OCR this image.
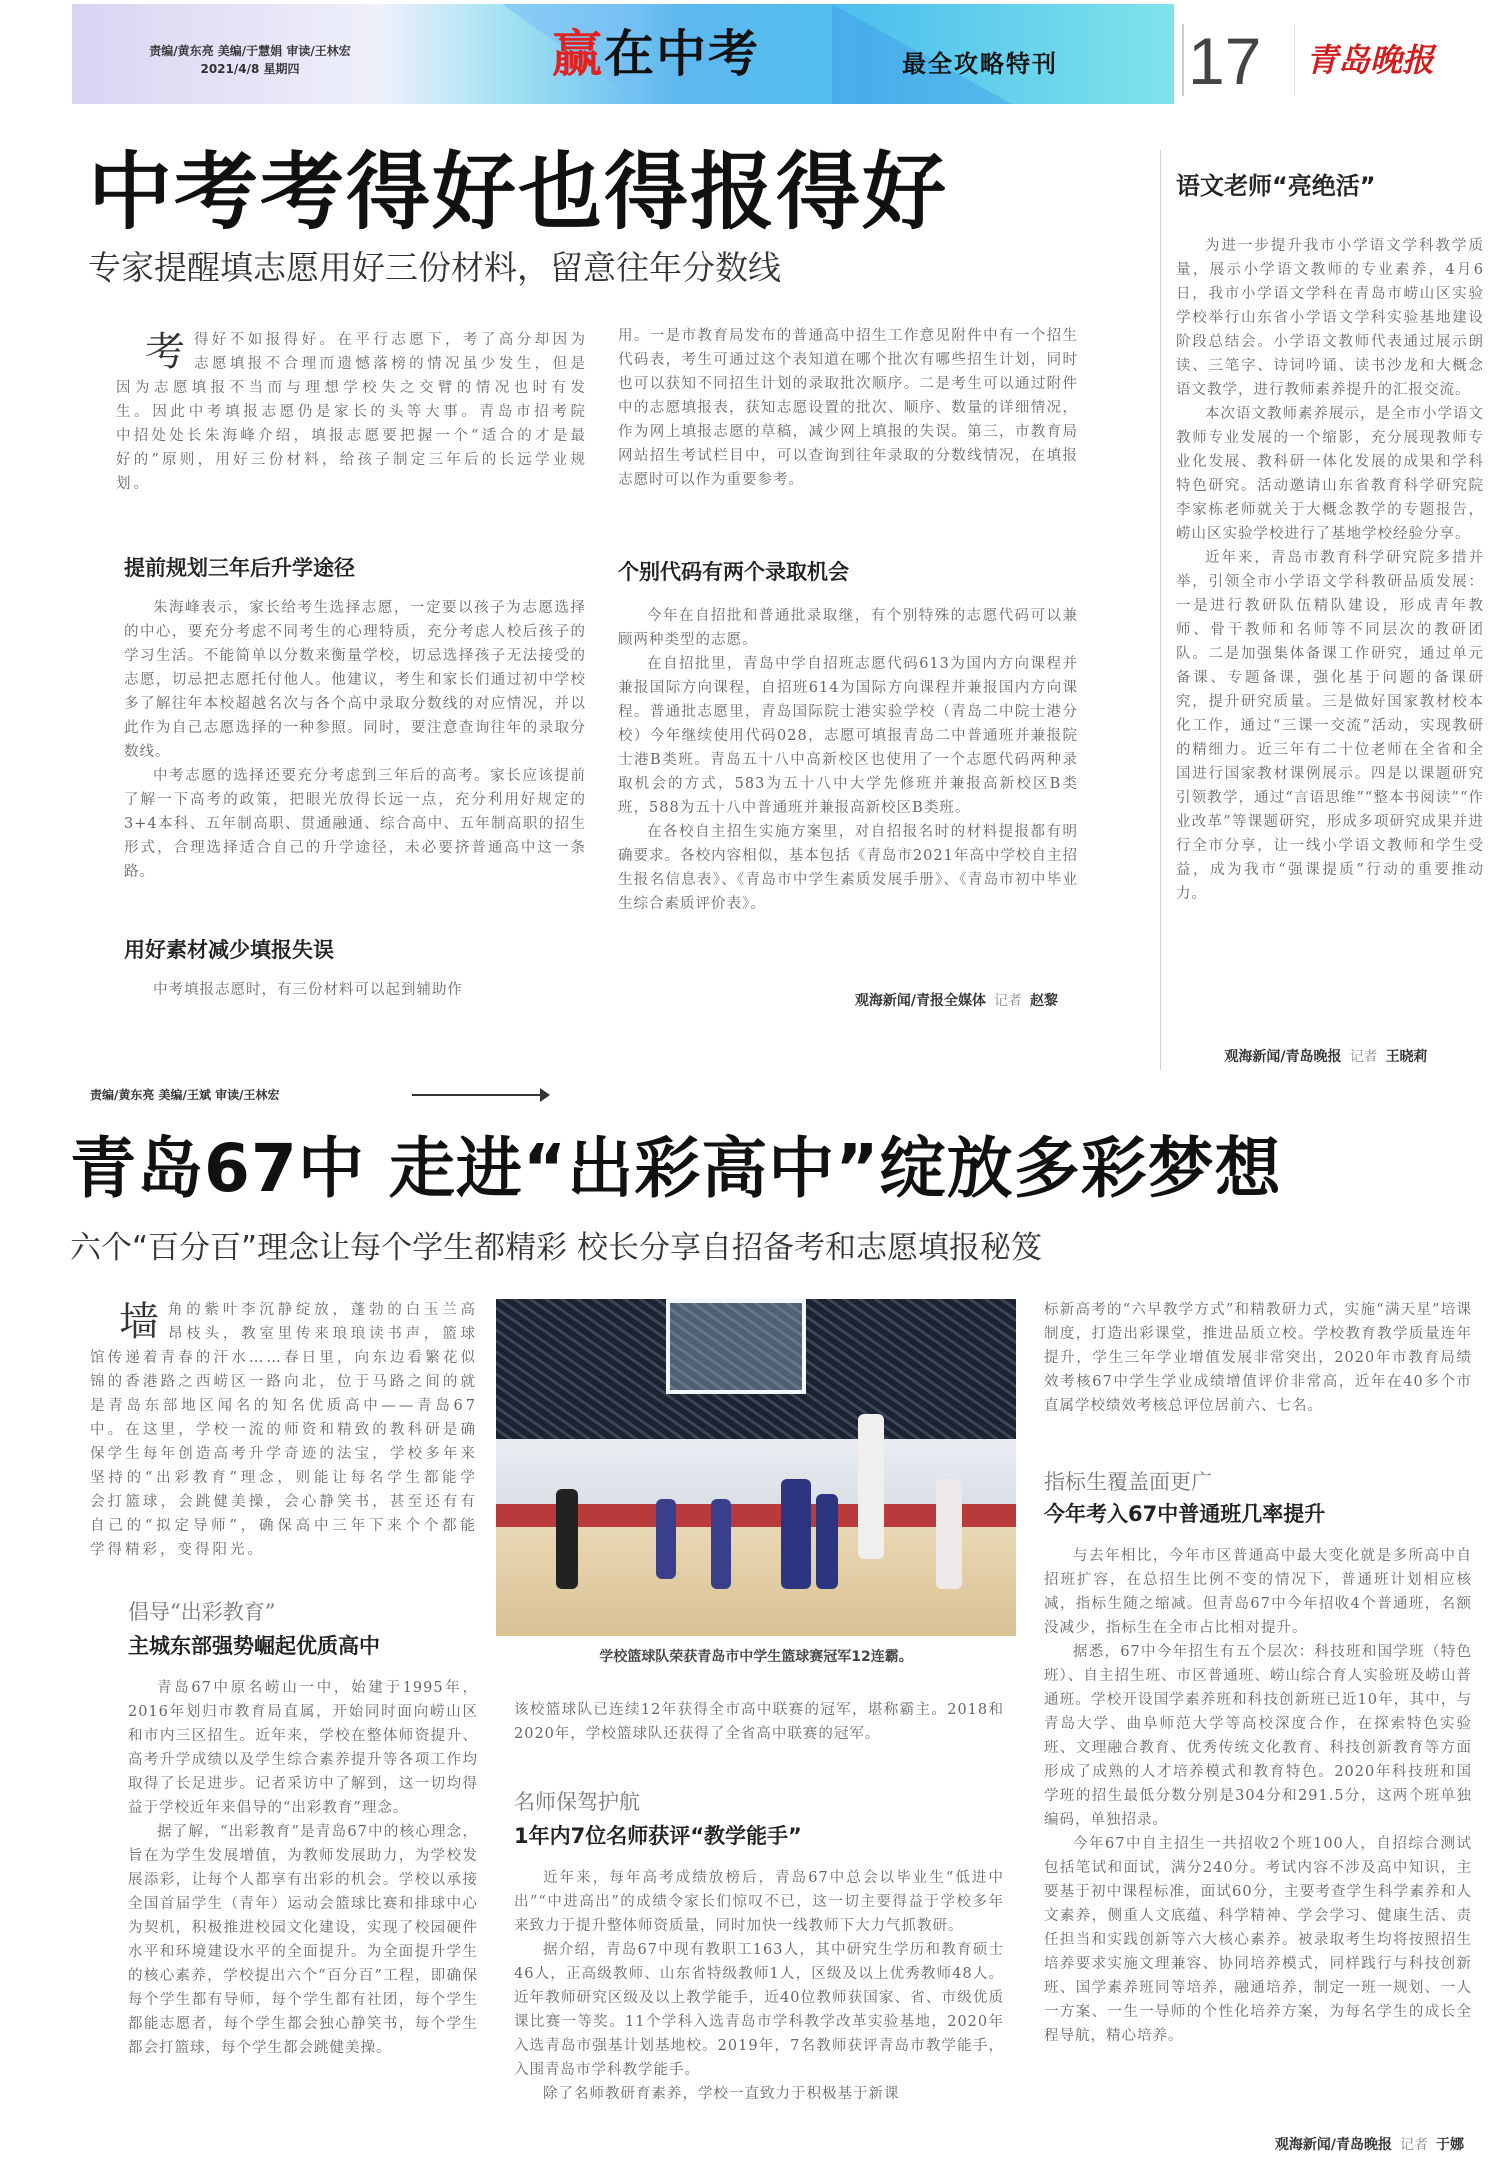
责编/黄东亮 美编/于慧娟 审读/王林宏
2021/4/8 星期四	赢在中考	最全攻略特刊 17 青岛晚报
中考考得好也得报得好
专家提醒填志愿用好三份材料，留意往年分数线
考 得好不如报得好。在平行志愿下，考了高分却因为志愿填报不合理而遗憾落榜的情况虽少发生，但是因为志愿填报不当而与理想学校失之交臂的情况也时有发生。因此中考填报志愿仍是家长的头等大事。青岛市招考院中招处处长朱海峰介绍，填报志愿要把握一个“适合的才是最好的”原则，用好三份材料，给孩子制定三年后的长远学业规划。

提前规划三年后升学途径

朱海峰表示，家长给考生选择志愿，一定要以孩子为志愿选择的中心，要充分考虑不同考生的心理特质，充分考虑人校后孩子的学习生活。不能简单以分数来衡量学校，切忌选择孩子无法接受的志愿，切忌把志愿托付他人。他建议，考生和家长们通过初中学校多了解往年本校超越名次与各个高中录取分数线的对应情况，并以此作为自己志愿选择的一种参照。同时，要注意查询往年的录取分数线。

中考志愿的选择还要充分考虑到三年后的高考。家长应该提前了解一下高考的政策，把眼光放得长远一点，充分利用好规定的3+4本科、五年制高职、贯通融通、综合高中、五年制高职的招生形式，合理选择适合自己的升学途径，未必要挤普通高中这一条路。

用好素材减少填报失误

中考填报志愿时，有三份材料可以起到辅助作

用。一是市教育局发布的普通高中招生工作意见附件中有一个招生代码表，考生可通过这个表知道在哪个批次有哪些招生计划，同时也可以获知不同招生计划的录取批次顺序。二是考生可以通过附件中的志愿填报表，获知志愿设置的批次、顺序、数量的详细情况，作为网上填报志愿的草稿，减少网上填报的失误。第三，市教育局网站招生考试栏目中，可以查询到往年录取的分数线情况，在填报志愿时可以作为重要参考。

个别代码有两个录取机会

今年在自招批和普通批录取继，有个别特殊的志愿代码可以兼顾两种类型的志愿。

在自招批里，青岛中学自招班志愿代码613为国内方向课程并兼报国际方向课程，自招班614为国际方向课程并兼报国内方向课程。普通批志愿里，青岛国际院士港实验学校（青岛二中院士港分校）今年继续使用代码028，志愿可填报青岛二中普通班并兼报院士港B类班。青岛五十八中高新校区也使用了一个志愿代码两种录取机会的方式，583为五十八中大学先修班并兼报高新校区B类班，588为五十八中普通班并兼报高新校区B类班。

在各校自主招生实施方案里，对自招报名时的材料提报都有明确要求。各校内容相似，基本包括《青岛市2021年高中学校自主招生报名信息表》、《青岛市中学生素质发展手册》、《青岛市初中毕业生综合素质评价表》。

观海新闻/青报全媒体 记者 赵黎
语文老师“亮绝活”

为进一步提升我市小学语文学科教学质量，展示小学语文教师的专业素养，4月6日，我市小学语文学科在青岛市崂山区实验学校举行山东省小学语文学科实验基地建设阶段总结会。小学语文教师代表通过展示朗读、三笔字、诗词吟诵、读书沙龙和大概念语文教学，进行教师素养提升的汇报交流。

本次语文教师素养展示，是全市小学语文教师专业发展的一个缩影，充分展现教师专业化发展、教科研一体化发展的成果和学科特色研究。活动邀请山东省教育科学研究院李家栋老师就关于大概念教学的专题报告，崂山区实验学校进行了基地学校经验分享。

近年来，青岛市教育科学研究院多措并举，引领全市小学语文学科教研品质发展：一是进行教研队伍精队建设，形成青年教师、骨干教师和名师等不同层次的教研团队。二是加强集体备课工作研究，通过单元备课、专题备课，强化基于问题的备课研究，提升研究质量。三是做好国家教材校本化工作，通过“三课一交流”活动，实现教研的精细力。近三年有二十位老师在全省和全国进行国家教材课例展示。四是以课题研究引领教学，通过“言语思维”“整本书阅读”“作业改革”等课题研究，形成多项研究成果并进行全市分享，让一线小学语文教师和学生受益，成为我市“强课提质”行动的重要推动力。

观海新闻/青岛晚报 记者 王晓莉
责编/黄东亮 美编/王斌 审读/王林宏
青岛67中 走进“出彩高中”绽放多彩梦想
六个“百分百”理念让每个学生都精彩 校长分享自招备考和志愿填报秘笈
墙 角的紫叶李沉静绽放，蓬勃的白玉兰高昂枝头，教室里传来琅琅读书声，篮球馆传递着青春的汗水……春日里，向东边看繁花似锦的香港路之西崂区一路向北，位于马路之间的就是青岛东部地区闻名的知名优质高中——青岛67中。在这里，学校一流的师资和精致的教科研是确保学生每年创造高考升学奇迹的法宝，学校多年来坚持的“出彩教育”理念，则能让每名学生都能学会打篮球，会跳健美操，会心静笑书，甚至还有有自己的“拟定导师”，确保高中三年下来个个都能学得精彩，变得阳光。

倡导“出彩教育”
主城东部强势崛起优质高中

青岛67中原名崂山一中，始建于1995年，2016年划归市教育局直属，开始同时面向崂山区和市内三区招生。近年来，学校在整体师资提升、高考升学成绩以及学生综合素养提升等各项工作均取得了长足进步。记者采访中了解到，这一切均得益于学校近年来倡导的“出彩教育”理念。

据了解，“出彩教育”是青岛67中的核心理念，旨在为学生发展增值，为教师发展助力，为学校发展添彩，让每个人都享有出彩的机会。学校以承接全国首届学生（青年）运动会篮球比赛和排球中心为契机，积极推进校园文化建设，实现了校园硬件水平和环境建设水平的全面提升。为全面提升学生的核心素养，学校提出六个“百分百”工程，即确保每个学生都有导师，每个学生都有社团，每个学生都能志愿者，每个学生都会独心静笑书，每个学生都会打篮球，每个学生都会跳健美操。

学校篮球队荣获青岛市中学生篮球赛冠军12连霸。

该校篮球队已连续12年获得全市高中联赛的冠军，堪称霸主。2018和2020年，学校篮球队还获得了全省高中联赛的冠军。

名师保驾护航
1年内7位名师获评“教学能手”

近年来，每年高考成绩放榜后，青岛67中总会以毕业生“低进中出”“中进高出”的成绩令家长们惊叹不已，这一切主要得益于学校多年来致力于提升整体师资质量，同时加快一线教师下大力气抓教研。

据介绍，青岛67中现有教职工163人，其中研究生学历和教育硕士46人，正高级教师、山东省特级教师1人，区级及以上优秀教师48人。近年教师研究区级及以上教学能手，近40位教师获国家、省、市级优质课比赛一等奖。11个学科入选青岛市学科教学改革实验基地，2020年入选青岛市强基计划基地校。2019年，7名教师获评青岛市教学能手，入围青岛市学科教学能手。

除了名师教研育素养，学校一直致力于积极基于新课

标新高考的“六早教学方式”和精教研力式，实施“满天星”培课制度，打造出彩课堂，推进品质立校。学校教育教学质量连年提升，学生三年学业增值发展非常突出，2020年市教育局绩效考核67中学生学业成绩增值评价非常高，近年在40多个市直属学校绩效考核总评位居前六、七名。

指标生覆盖面更广
今年考入67中普通班几率提升

与去年相比，今年市区普通高中最大变化就是多所高中自招班扩容，在总招生比例不变的情况下，普通班计划相应核减，指标生随之缩减。但青岛67中今年招收4个普通班，名额没减少，指标生在全市占比相对提升。

据悉，67中今年招生有五个层次：科技班和国学班（特色班）、自主招生班、市区普通班、崂山综合育人实验班及崂山普通班。学校开设国学素养班和科技创新班已近10年，其中，与青岛大学、曲阜师范大学等高校深度合作，在探索特色实验班、文理融合教育、优秀传统文化教育、科技创新教育等方面形成了成熟的人才培养模式和教育特色。2020年科技班和国学班的招生最低分数分别是304分和291.5分，这两个班单独编码，单独招录。

今年67中自主招生一共招收2个班100人，自招综合测试包括笔试和面试，满分240分。考试内容不涉及高中知识，主要基于初中课程标准，面试60分，主要考查学生科学素养和人文素养，侧重人文底蕴、科学精神、学会学习、健康生活、责任担当和实践创新等六大核心素养。被录取考生均将按照招生培养要求实施文理兼容、协同培养模式，同样践行与科技创新班、国学素养班同等培养，融通培养，制定一班一规划、一人一方案、一生一导师的个性化培养方案，为每名学生的成长全程导航，精心培养。

观海新闻/青岛晚报 记者 于娜
